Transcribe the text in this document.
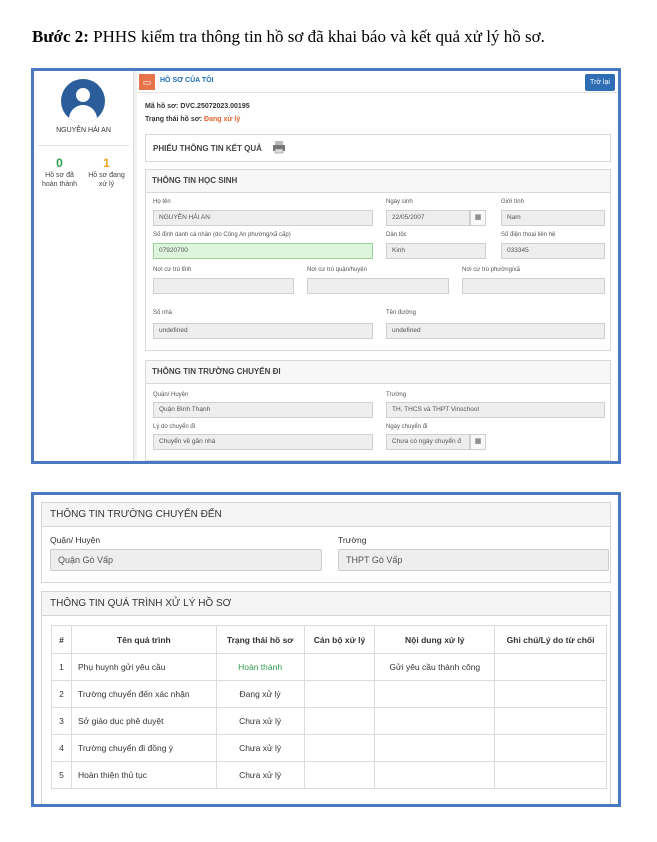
Bước 2: PHHS kiểm tra thông tin hồ sơ đã khai báo và kết quả xử lý hồ sơ.
NGUYỄN HẢI AN
0
Hồ sơ đã hoàn thành
1
Hồ sơ đang xử lý
▭	HỒ SƠ CỦA TÔI	Trở lại
Mã hồ sơ: DVC.25072023.00195
Trạng thái hồ sơ: Đang xử lý
PHIẾU THÔNG TIN KẾT QUẢ
THÔNG TIN HỌC SINH
Họ tên
NGUYỄN HẢI AN
Ngày sinh
22/05/2007	▦
Giới tính
Nam
Số định danh cá nhân (do Công An phường/xã cấp)
07920700
Dân tộc
Kinh
Số điện thoại liên hệ
033345
Nơi cư trú tỉnh	Nơi cư trú quận/huyện	Nơi cư trú phường/xã
Số nhà
undefined
Tên đường
undefined
THÔNG TIN TRƯỜNG CHUYỂN ĐI
Quận/ Huyện
Quận Bình Thạnh
Trường
TH, THCS và THPT Vinschool
Lý do chuyển đi
Chuyển về gần nhà
Ngày chuyển đi
Chưa có ngày chuyển đ	▦
THÔNG TIN TRƯỜNG CHUYỂN ĐẾN
Quận/ Huyện
Quận Gò Vấp
Trường
THPT Gò Vấp
THÔNG TIN QUÁ TRÌNH XỬ LÝ HỒ SƠ
#	Tên quá trình	Trạng thái hồ sơ	Cán bộ xử lý	Nội dung xử lý	Ghi chú/Lý do từ chối
1	Phụ huynh gửi yêu cầu	Hoàn thành		Gửi yêu cầu thành công	
2	Trường chuyển đến xác nhận	Đang xử lý			
3	Sở giáo dục phê duyệt	Chưa xử lý			
4	Trường chuyển đi đồng ý	Chưa xử lý			
5	Hoàn thiện thủ tục	Chưa xử lý			
